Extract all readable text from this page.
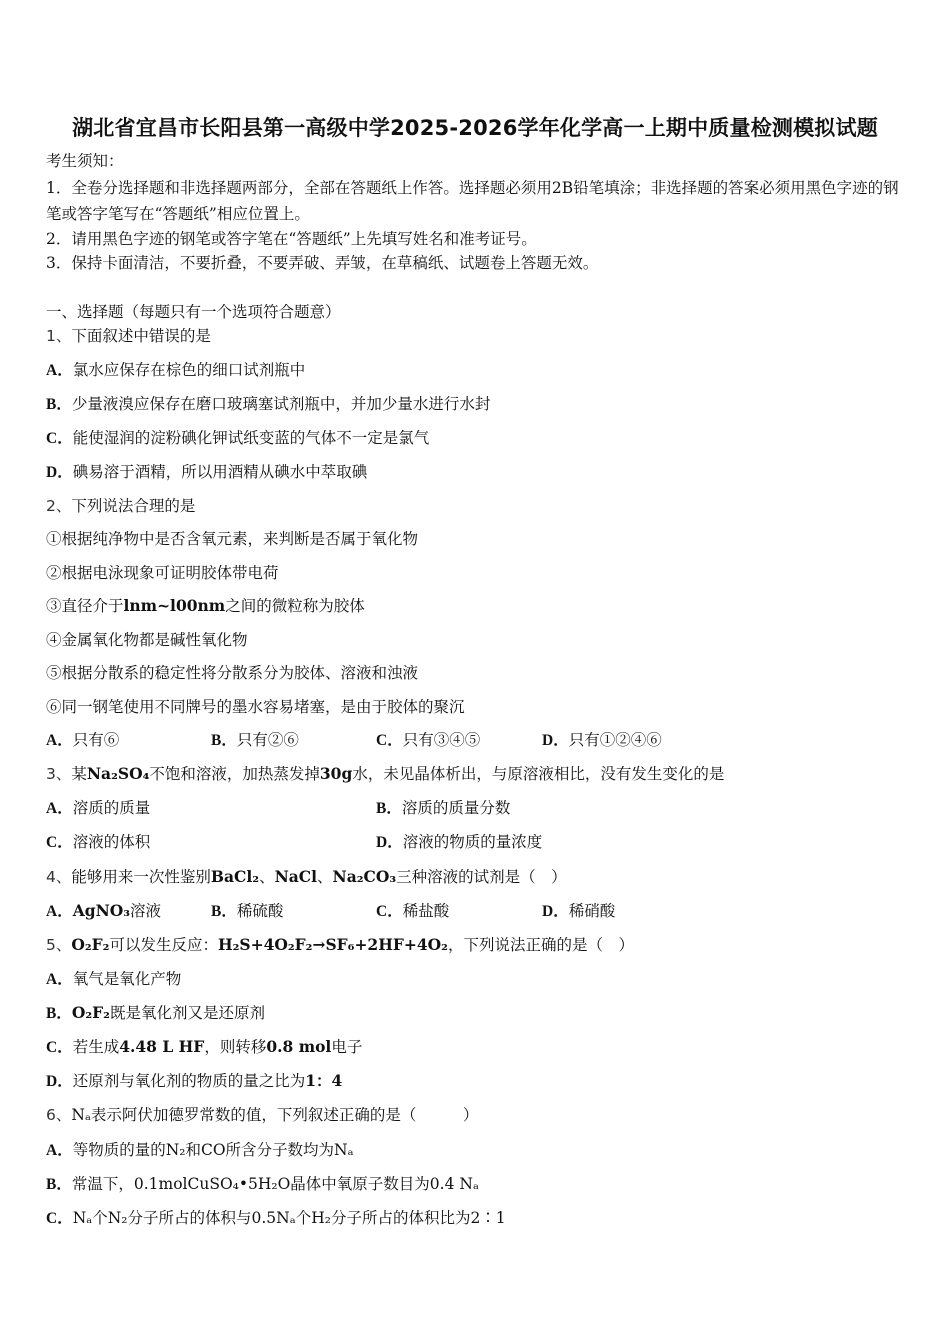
湖北省宜昌市长阳县第一高级中学2025-2026学年化学高一上期中质量检测模拟试题
考生须知：
1．全卷分选择题和非选择题两部分，全部在答题纸上作答。选择题必须用2B铅笔填涂；非选择题的答案必须用黑色字迹的钢笔或答字笔写在“答题纸”相应位置上。
2．请用黑色字迹的钢笔或答字笔在“答题纸”上先填写姓名和准考证号。
3．保持卡面清洁，不要折叠，不要弄破、弄皱，在草稿纸、试题卷上答题无效。
一、选择题（每题只有一个选项符合题意）
1、下面叙述中错误的是
A．氯水应保存在棕色的细口试剂瓶中
B．少量液溴应保存在磨口玻璃塞试剂瓶中，并加少量水进行水封
C．能使湿润的淀粉碘化钾试纸变蓝的气体不一定是氯气
D．碘易溶于酒精，所以用酒精从碘水中萃取碘
2、下列说法合理的是
①根据纯净物中是否含氧元素，来判断是否属于氧化物
②根据电泳现象可证明胶体带电荷
③直径介于lnm~l00nm之间的微粒称为胶体
④金属氧化物都是碱性氧化物
⑤根据分散系的稳定性将分散系分为胶体、溶液和浊液
⑥同一钢笔使用不同牌号的墨水容易堵塞，是由于胶体的聚沉
A．只有⑥	B．只有②⑥	C．只有③④⑤	D．只有①②④⑥
3、某Na₂SO₄不饱和溶液，加热蒸发掉30g水，未见晶体析出，与原溶液相比，没有发生变化的是
A．溶质的质量	B．溶质的质量分数
C．溶液的体积	D．溶液的物质的量浓度
4、能够用来一次性鉴别BaCl₂、NaCl、Na₂CO₃三种溶液的试剂是（　）
A．AgNO₃溶液	B．稀硫酸	C．稀盐酸	D．稀硝酸
5、O₂F₂可以发生反应：H₂S+4O₂F₂→SF₆+2HF+4O₂，下列说法正确的是（　）
A．氧气是氧化产物
B．O₂F₂既是氧化剂又是还原剂
C．若生成4.48 L HF，则转移0.8 mol电子
D．还原剂与氧化剂的物质的量之比为1：4
6、Nₐ表示阿伏加德罗常数的值，下列叙述正确的是（　　　）
A．等物质的量的N₂和CO所含分子数均为Nₐ
B．常温下，0.1molCuSO₄•5H₂O晶体中氧原子数目为0.4 Nₐ
C．Nₐ个N₂分子所占的体积与0.5Nₐ个H₂分子所占的体积比为2∶1
